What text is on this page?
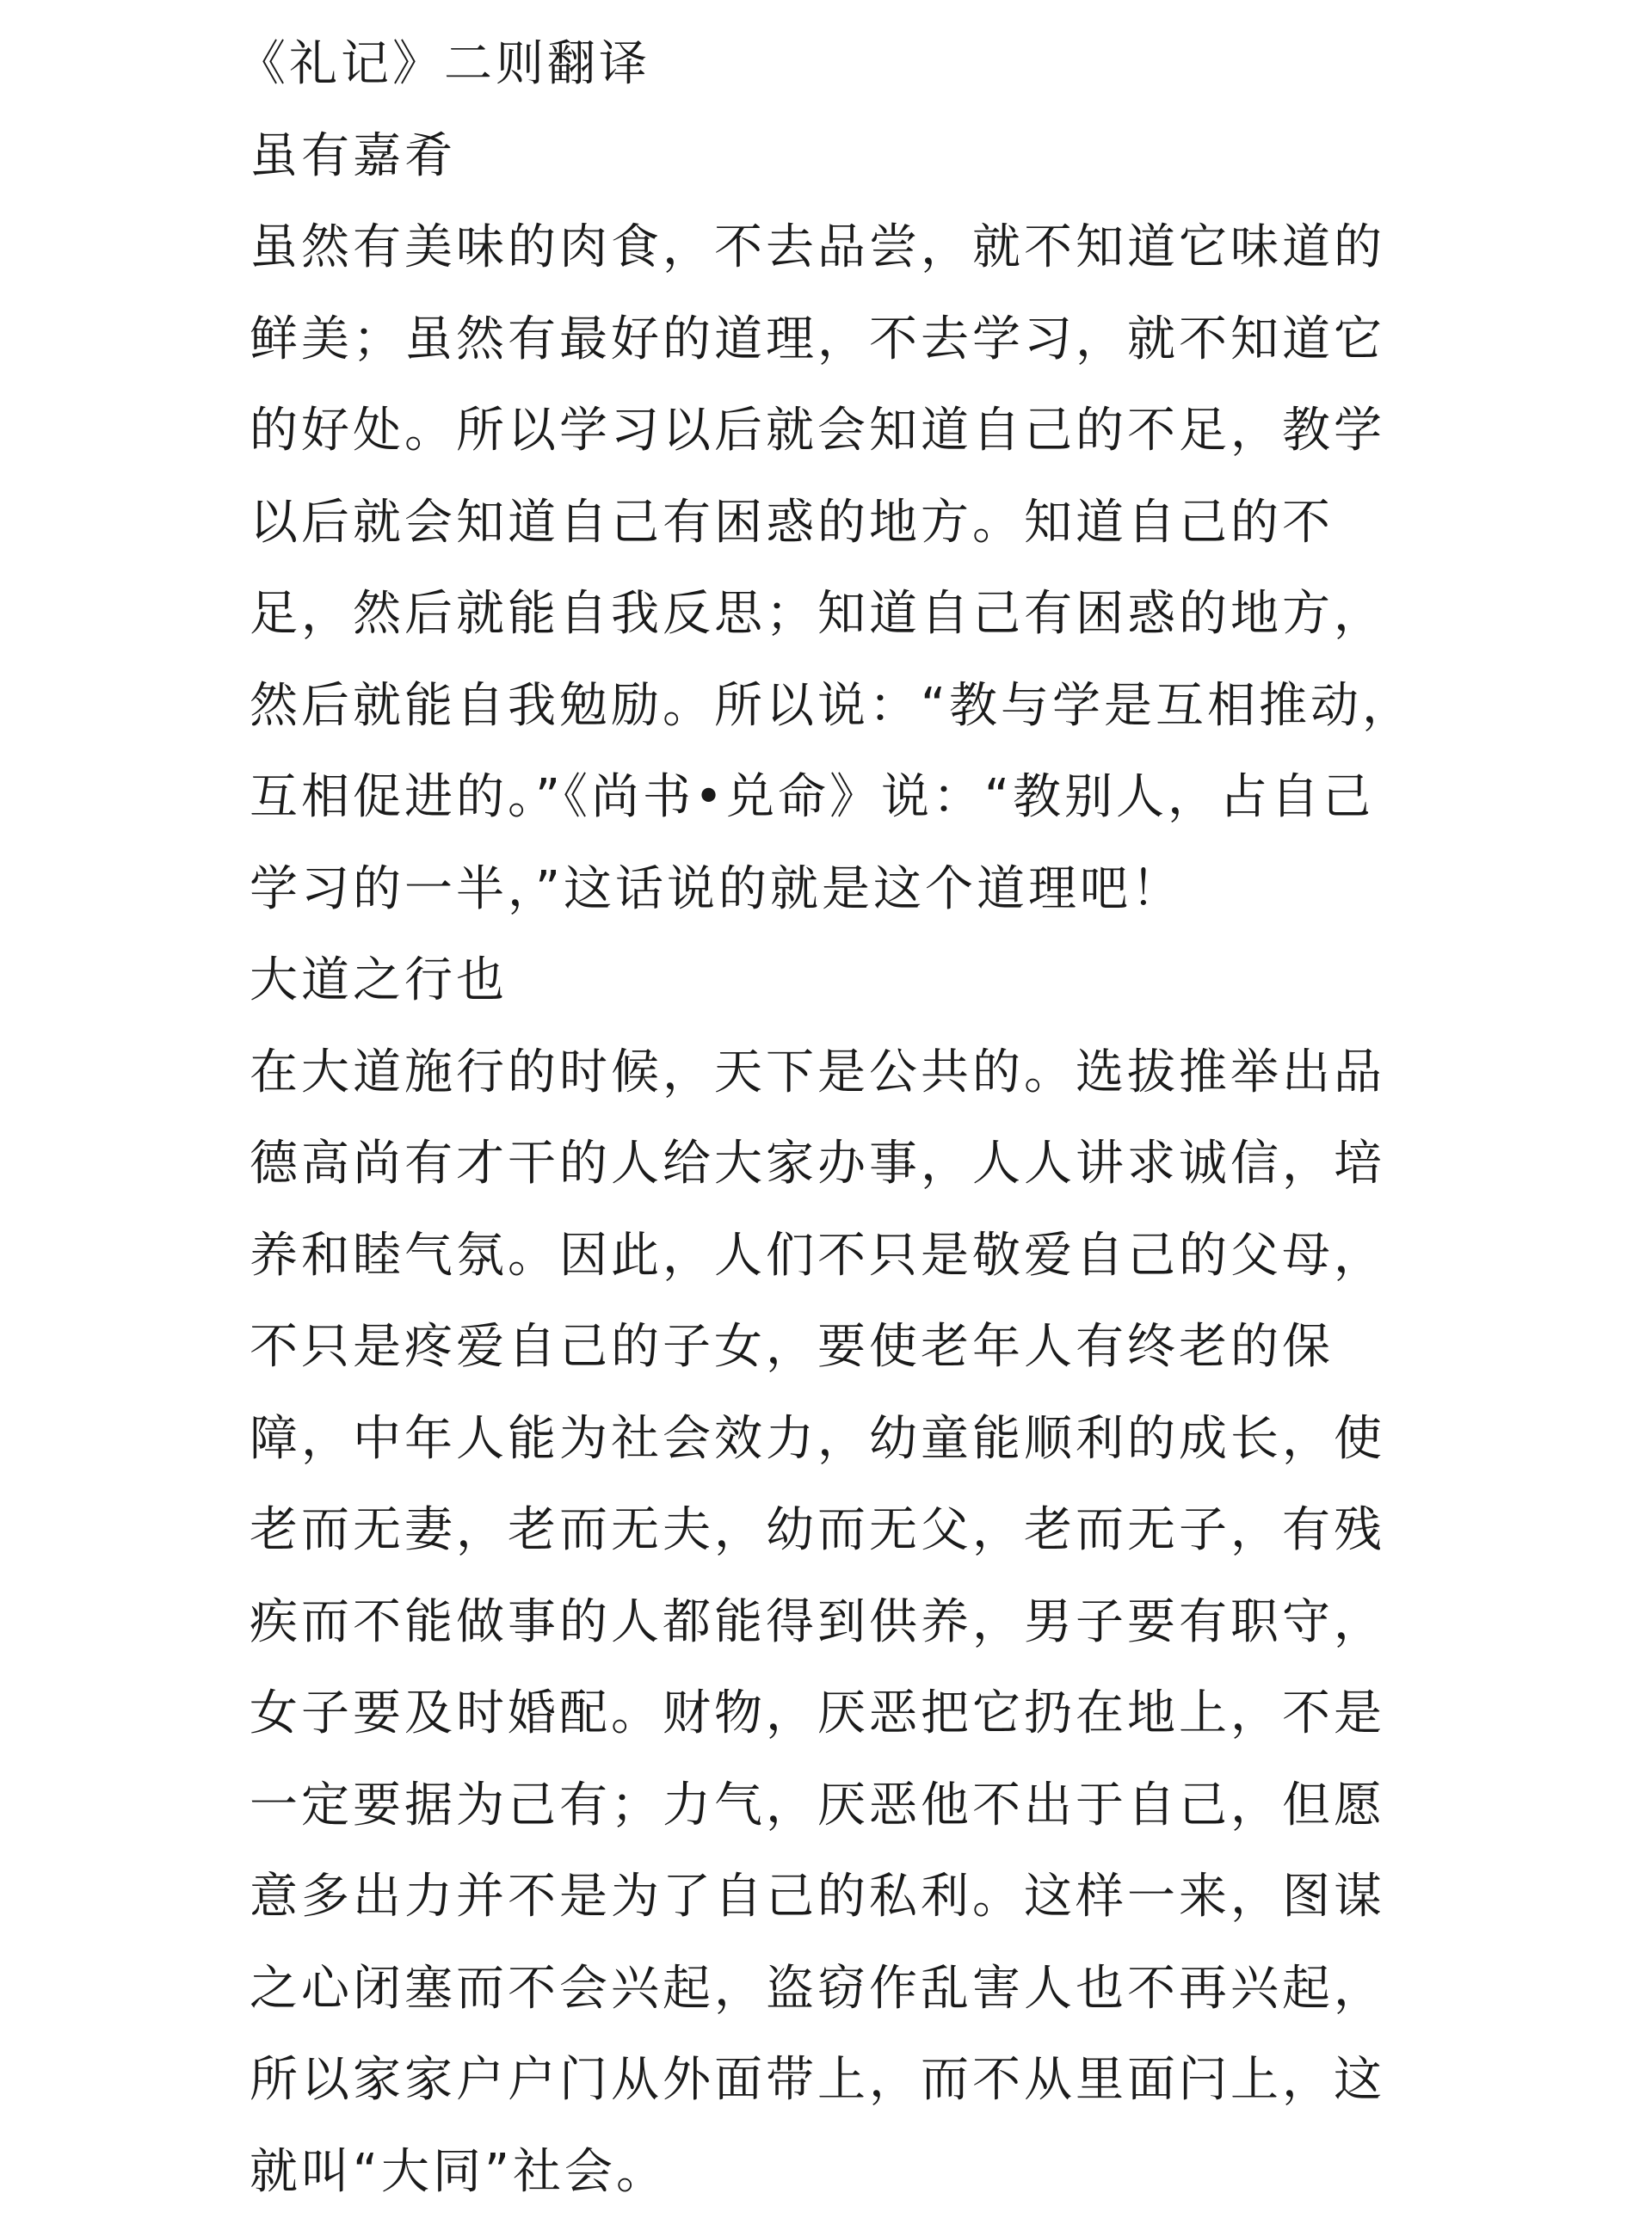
《礼记》二则翻译
虽有嘉肴
虽然有美味的肉食，不去品尝，就不知道它味道的
鲜美；虽然有最好的道理，不去学习，就不知道它
的好处。所以学习以后就会知道自己的不足，教学
以后就会知道自己有困惑的地方。知道自己的不
足，然后就能自我反思；知道自己有困惑的地方，
然后就能自我勉励。所以说：“教与学是互相推动，
互相促进的。”《尚书•兑命》说：“教别人，占自己
学习的一半，”这话说的就是这个道理吧！
大道之行也
在大道施行的时候，天下是公共的。选拔推举出品
德高尚有才干的人给大家办事，人人讲求诚信，培
养和睦气氛。因此，人们不只是敬爱自己的父母，
不只是疼爱自己的子女，要使老年人有终老的保
障，中年人能为社会效力，幼童能顺利的成长，使
老而无妻，老而无夫，幼而无父，老而无子，有残
疾而不能做事的人都能得到供养，男子要有职守，
女子要及时婚配。财物，厌恶把它扔在地上，不是
一定要据为己有；力气，厌恶他不出于自己，但愿
意多出力并不是为了自己的私利。这样一来，图谋
之心闭塞而不会兴起，盗窃作乱害人也不再兴起，
所以家家户户门从外面带上，而不从里面闩上，这
就叫“大同”社会。
